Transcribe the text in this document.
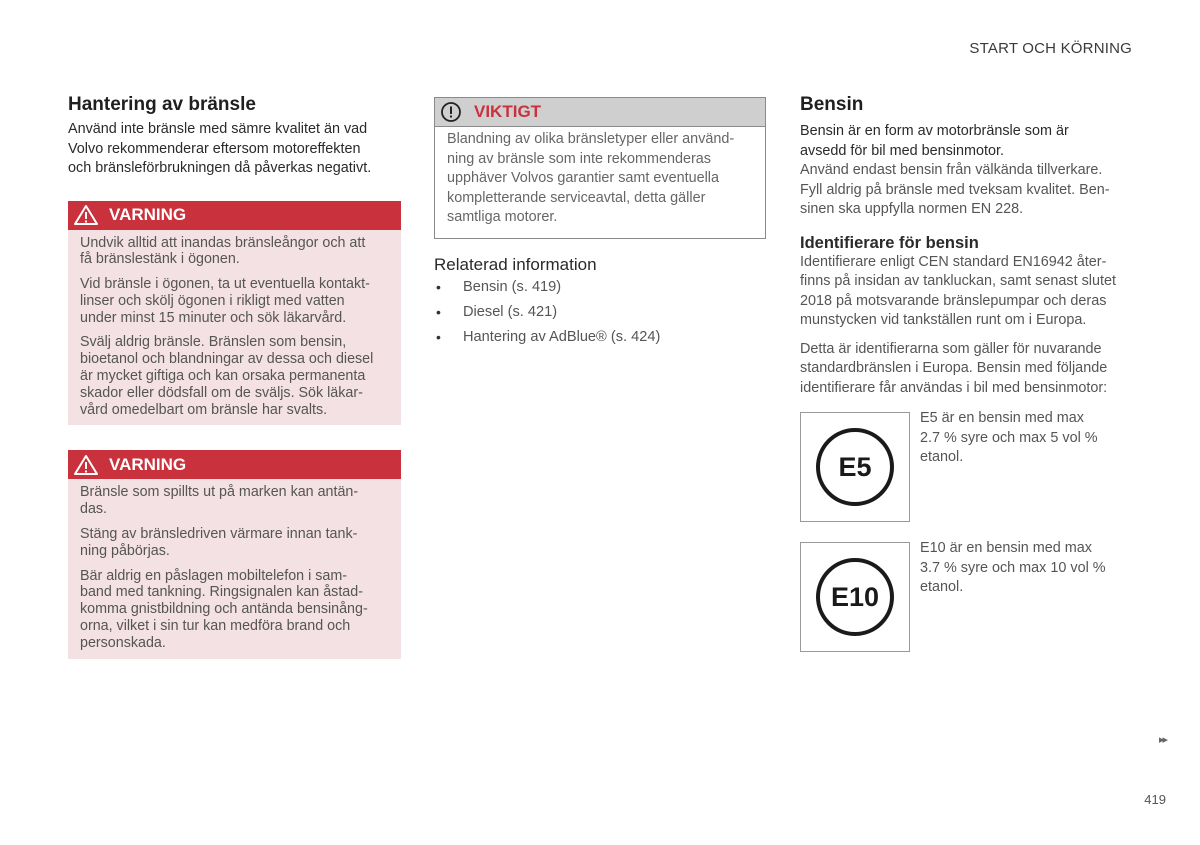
START OCH KÖRNING
Hantering av bränsle

Använd inte bränsle med sämre kvalitet än vad
Volvo rekommenderar eftersom motoreffekten
och bränsleförbrukningen då påverkas negativt.

VARNING

Undvik alltid att inandas bränsleångor och att
få bränslestänk i ögonen.

Vid bränsle i ögonen, ta ut eventuella kontakt-
linser och skölj ögonen i rikligt med vatten
under minst 15 minuter och sök läkarvård.

Svälj aldrig bränsle. Bränslen som bensin,
bioetanol och blandningar av dessa och diesel
är mycket giftiga och kan orsaka permanenta
skador eller dödsfall om de sväljs. Sök läkar-
vård omedelbart om bränsle har svalts.

VARNING

Bränsle som spillts ut på marken kan antän-
das.

Stäng av bränsledriven värmare innan tank-
ning påbörjas.

Bär aldrig en påslagen mobiltelefon i sam-
band med tankning. Ringsignalen kan åstad-
komma gnistbildning och antända bensinång-
orna, vilket i sin tur kan medföra brand och
personskada.

VIKTIGT

Blandning av olika bränsletyper eller använd-
ning av bränsle som inte rekommenderas
upphäver Volvos garantier samt eventuella
kompletterande serviceavtal, detta gäller
samtliga motorer.

Relaterad information
• Bensin (s. 419)
• Diesel (s. 421)
• Hantering av AdBlue® (s. 424)
Bensin

Bensin är en form av motorbränsle som är
avsedd för bil med bensinmotor.

Använd endast bensin från välkända tillverkare.
Fyll aldrig på bränsle med tveksam kvalitet. Ben-
sinen ska uppfylla normen EN 228.

Identifierare för bensin

Identifierare enligt CEN standard EN16942 åter-
finns på insidan av tankluckan, samt senast slutet
2018 på motsvarande bränslepumpar och deras
munstycken vid tankställen runt om i Europa.

Detta är identifierarna som gäller för nuvarande
standardbränslen i Europa. Bensin med följande
identifierare får användas i bil med bensinmotor:

E5
E5 är en bensin med max
2.7 % syre och max 5 vol %
etanol.
E10
E10 är en bensin med max
3.7 % syre och max 10 vol %
etanol.
▸▸
419
